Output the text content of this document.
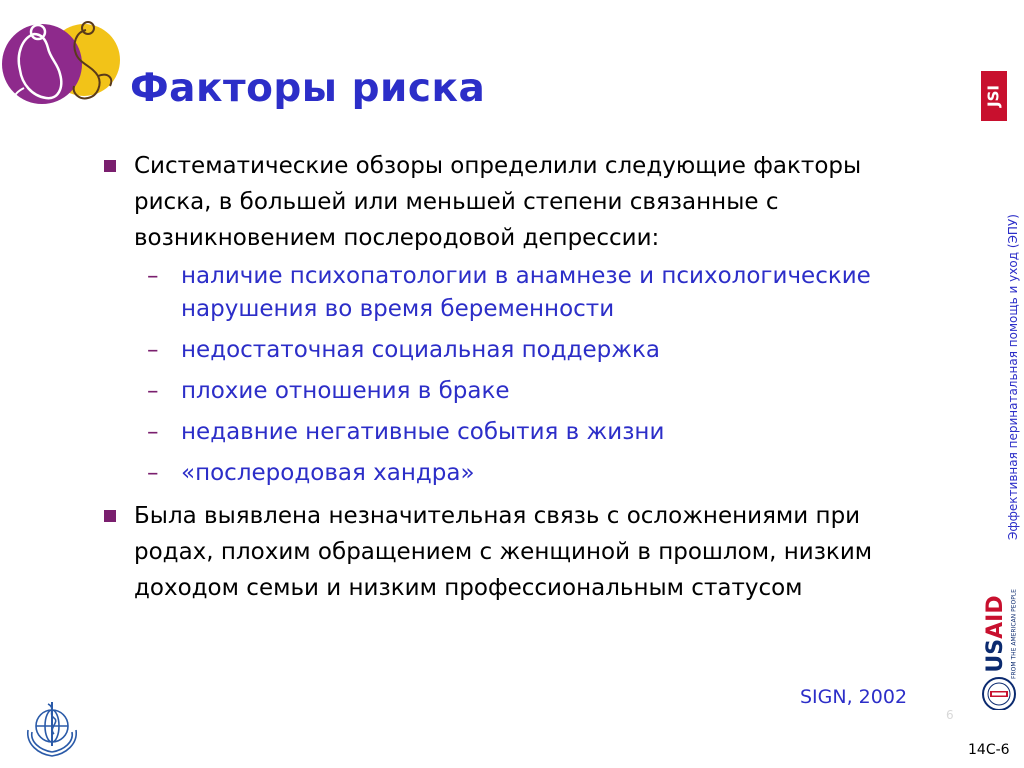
Факторы риска
Систематические обзоры определили следующие факторы риска, в большей или меньшей степени связанные с возникновением послеродовой депрессии:
– наличие психопатологии в анамнезе и психологические нарушения во время беременности
– недостаточная социальная поддержка
– плохие отношения в браке
– недавние негативные события в жизни
– «послеродовая хандра»
Была выявлена незначительная связь с осложнениями при родах, плохим обращением с женщиной в прошлом, низким доходом семьи и низким профессиональным статусом
SIGN, 2002
6
14C-6
JSI
Эффективная перинатальная помощь и уход (ЭПУ)
USAID FROM THE AMERICAN PEOPLE
